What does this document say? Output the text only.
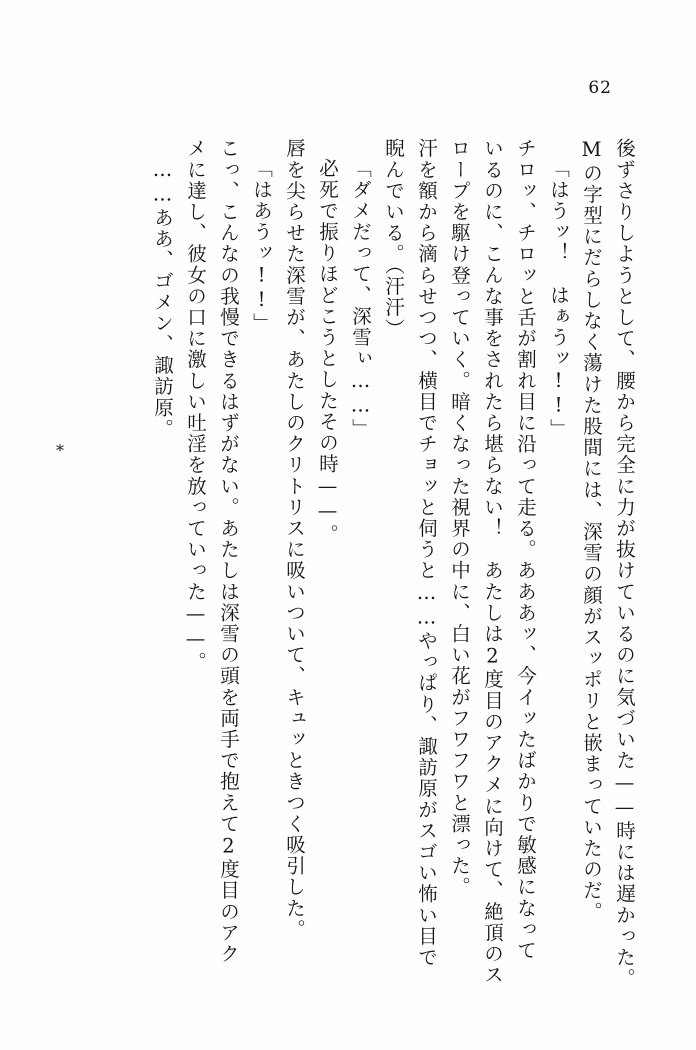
62
後ずさりしようとして、腰から完全に力が抜けているのに気づいた——時には遅かった。
Mの字型にだらしなく蕩けた股間には、深雪の顔がスッポリと嵌まっていたのだ。
「はうッ！　はぁうッ!!」
チロッ、チロッと舌が割れ目に沿って走る。あああッ、今イッたばかりで敏感になって
いるのに、こんな事をされたら堪らない！　あたしは2度目のアクメに向けて、絶頂のス
ロープを駆け登っていく。暗くなった視界の中に、白い花がフワフワと漂った。
汗を額から滴らせつつ、横目でチョッと伺うと……やっぱり、諏訪原がスゴい怖い目で
睨んでいる。（汗汗）
「ダメだって、深雪ぃ……」
必死で振りほどこうとしたその時——。
唇を尖らせた深雪が、あたしのクリトリスに吸いついて、キュッときつく吸引した。
「はあうッ!!」
こっ、こんなの我慢できるはずがない。あたしは深雪の頭を両手で抱えて2度目のアク
メに達し、彼女の口に激しい吐淫を放っていった——。
……ああ、ゴメン、諏訪原。
*
